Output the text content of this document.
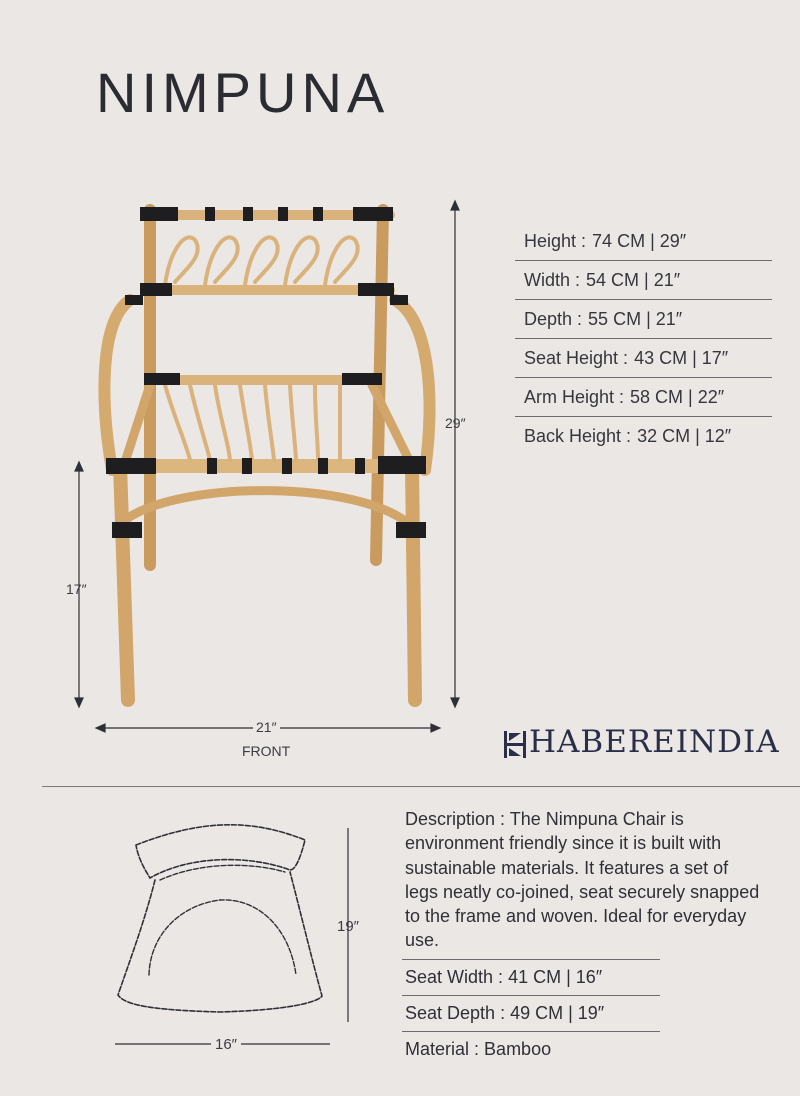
NIMPUNA
29″
17″
21″
FRONT
Height : 74 CM | 29″
Width : 54 CM | 21″
Depth : 55 CM | 21″
Seat Height : 43 CM | 17″
Arm Height : 58 CM | 22″
Back Height : 32 CM | 12″
HABEREINDIA
Description : The Nimpuna Chair is environment friendly since it is built with sustainable materials. It features a set of legs neatly co-joined, seat securely snapped to the frame and woven. Ideal for everyday use.
19″
16″
Seat Width :
41 CM | 16″
Seat Depth :
49 CM | 19″
Material :
Bamboo
